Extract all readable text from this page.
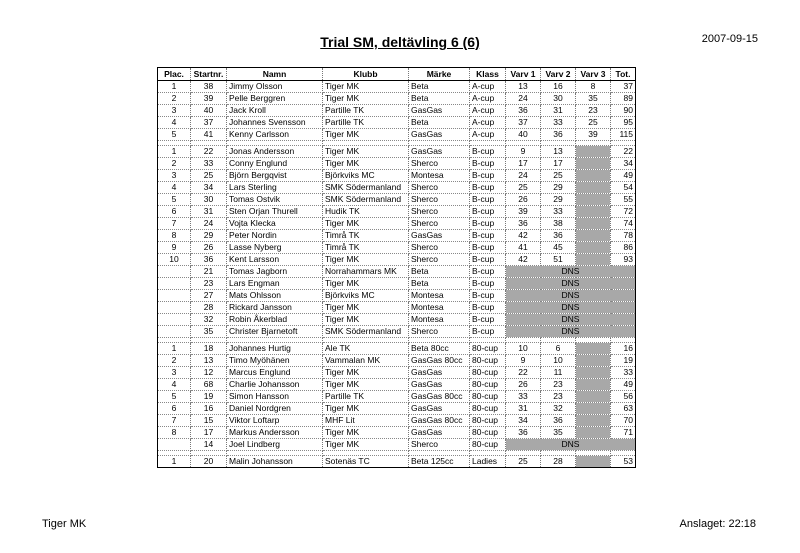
Trial SM, deltävling 6 (6)	2007-09-15
Plac.	Startnr.	Namn	Klubb	Märke	Klass	Varv 1	Varv 2	Varv 3	Tot.
1	38	Jimmy Olsson	Tiger MK	Beta	A-cup	13	16	8	37
2	39	Pelle Berggren	Tiger MK	Beta	A-cup	24	30	35	89
3	40	Jack Kroll	Partille TK	GasGas	A-cup	36	31	23	90
4	37	Johannes Svensson	Partille TK	Beta	A-cup	37	33	25	95
5	41	Kenny Carlsson	Tiger MK	GasGas	A-cup	40	36	39	115

1	22	Jonas Andersson	Tiger MK	GasGas	B-cup	9	13		22
2	33	Conny Englund	Tiger MK	Sherco	B-cup	17	17		34
3	25	Björn Bergqvist	Björkviks MC	Montesa	B-cup	24	25		49
4	34	Lars Sterling	SMK Södermanland	Sherco	B-cup	25	29		54
5	30	Tomas Ostvik	SMK Södermanland	Sherco	B-cup	26	29		55
6	31	Sten Orjan Thurell	Hudik TK	Sherco	B-cup	39	33		72
7	24	Vojta Klecka	Tiger MK	Sherco	B-cup	36	38		74
8	29	Peter Nordin	Timrå TK	GasGas	B-cup	42	36		78
9	26	Lasse Nyberg	Timrå TK	Sherco	B-cup	41	45		86
10	36	Kent Larsson	Tiger MK	Sherco	B-cup	42	51		93
	21	Tomas Jagborn	Norrahammars MK	Beta	B-cup	DNS			
	23	Lars Engman	Tiger MK	Beta	B-cup	DNS			
	27	Mats Ohlsson	Björkviks MC	Montesa	B-cup	DNS			
	28	Rickard Jansson	Tiger MK	Montesa	B-cup	DNS			
	32	Robin Åkerblad	Tiger MK	Montesa	B-cup	DNS			
	35	Christer Bjarnetoft	SMK Södermanland	Sherco	B-cup	DNS			

1	18	Johannes Hurtig	Ale TK	Beta 80cc	80-cup	10	6		16
2	13	Timo Myöhänen	Vammalan MK	GasGas 80cc	80-cup	9	10		19
3	12	Marcus Englund	Tiger MK	GasGas	80-cup	22	11		33
4	68	Charlie Johansson	Tiger MK	GasGas	80-cup	26	23		49
5	19	Simon Hansson	Partille TK	GasGas 80cc	80-cup	33	23		56
6	16	Daniel Nordgren	Tiger MK	GasGas	80-cup	31	32		63
7	15	Viktor Loftarp	MHF Lit	GasGas 80cc	80-cup	34	36		70
8	17	Markus Andersson	Tiger MK	GasGas	80-cup	36	35		71
	14	Joel Lindberg	Tiger MK	Sherco	80-cup	DNS			

1	20	Malin Johansson	Sotenäs TC	Beta 125cc	Ladies	25	28		53
Tiger MK	Anslaget: 22:18
